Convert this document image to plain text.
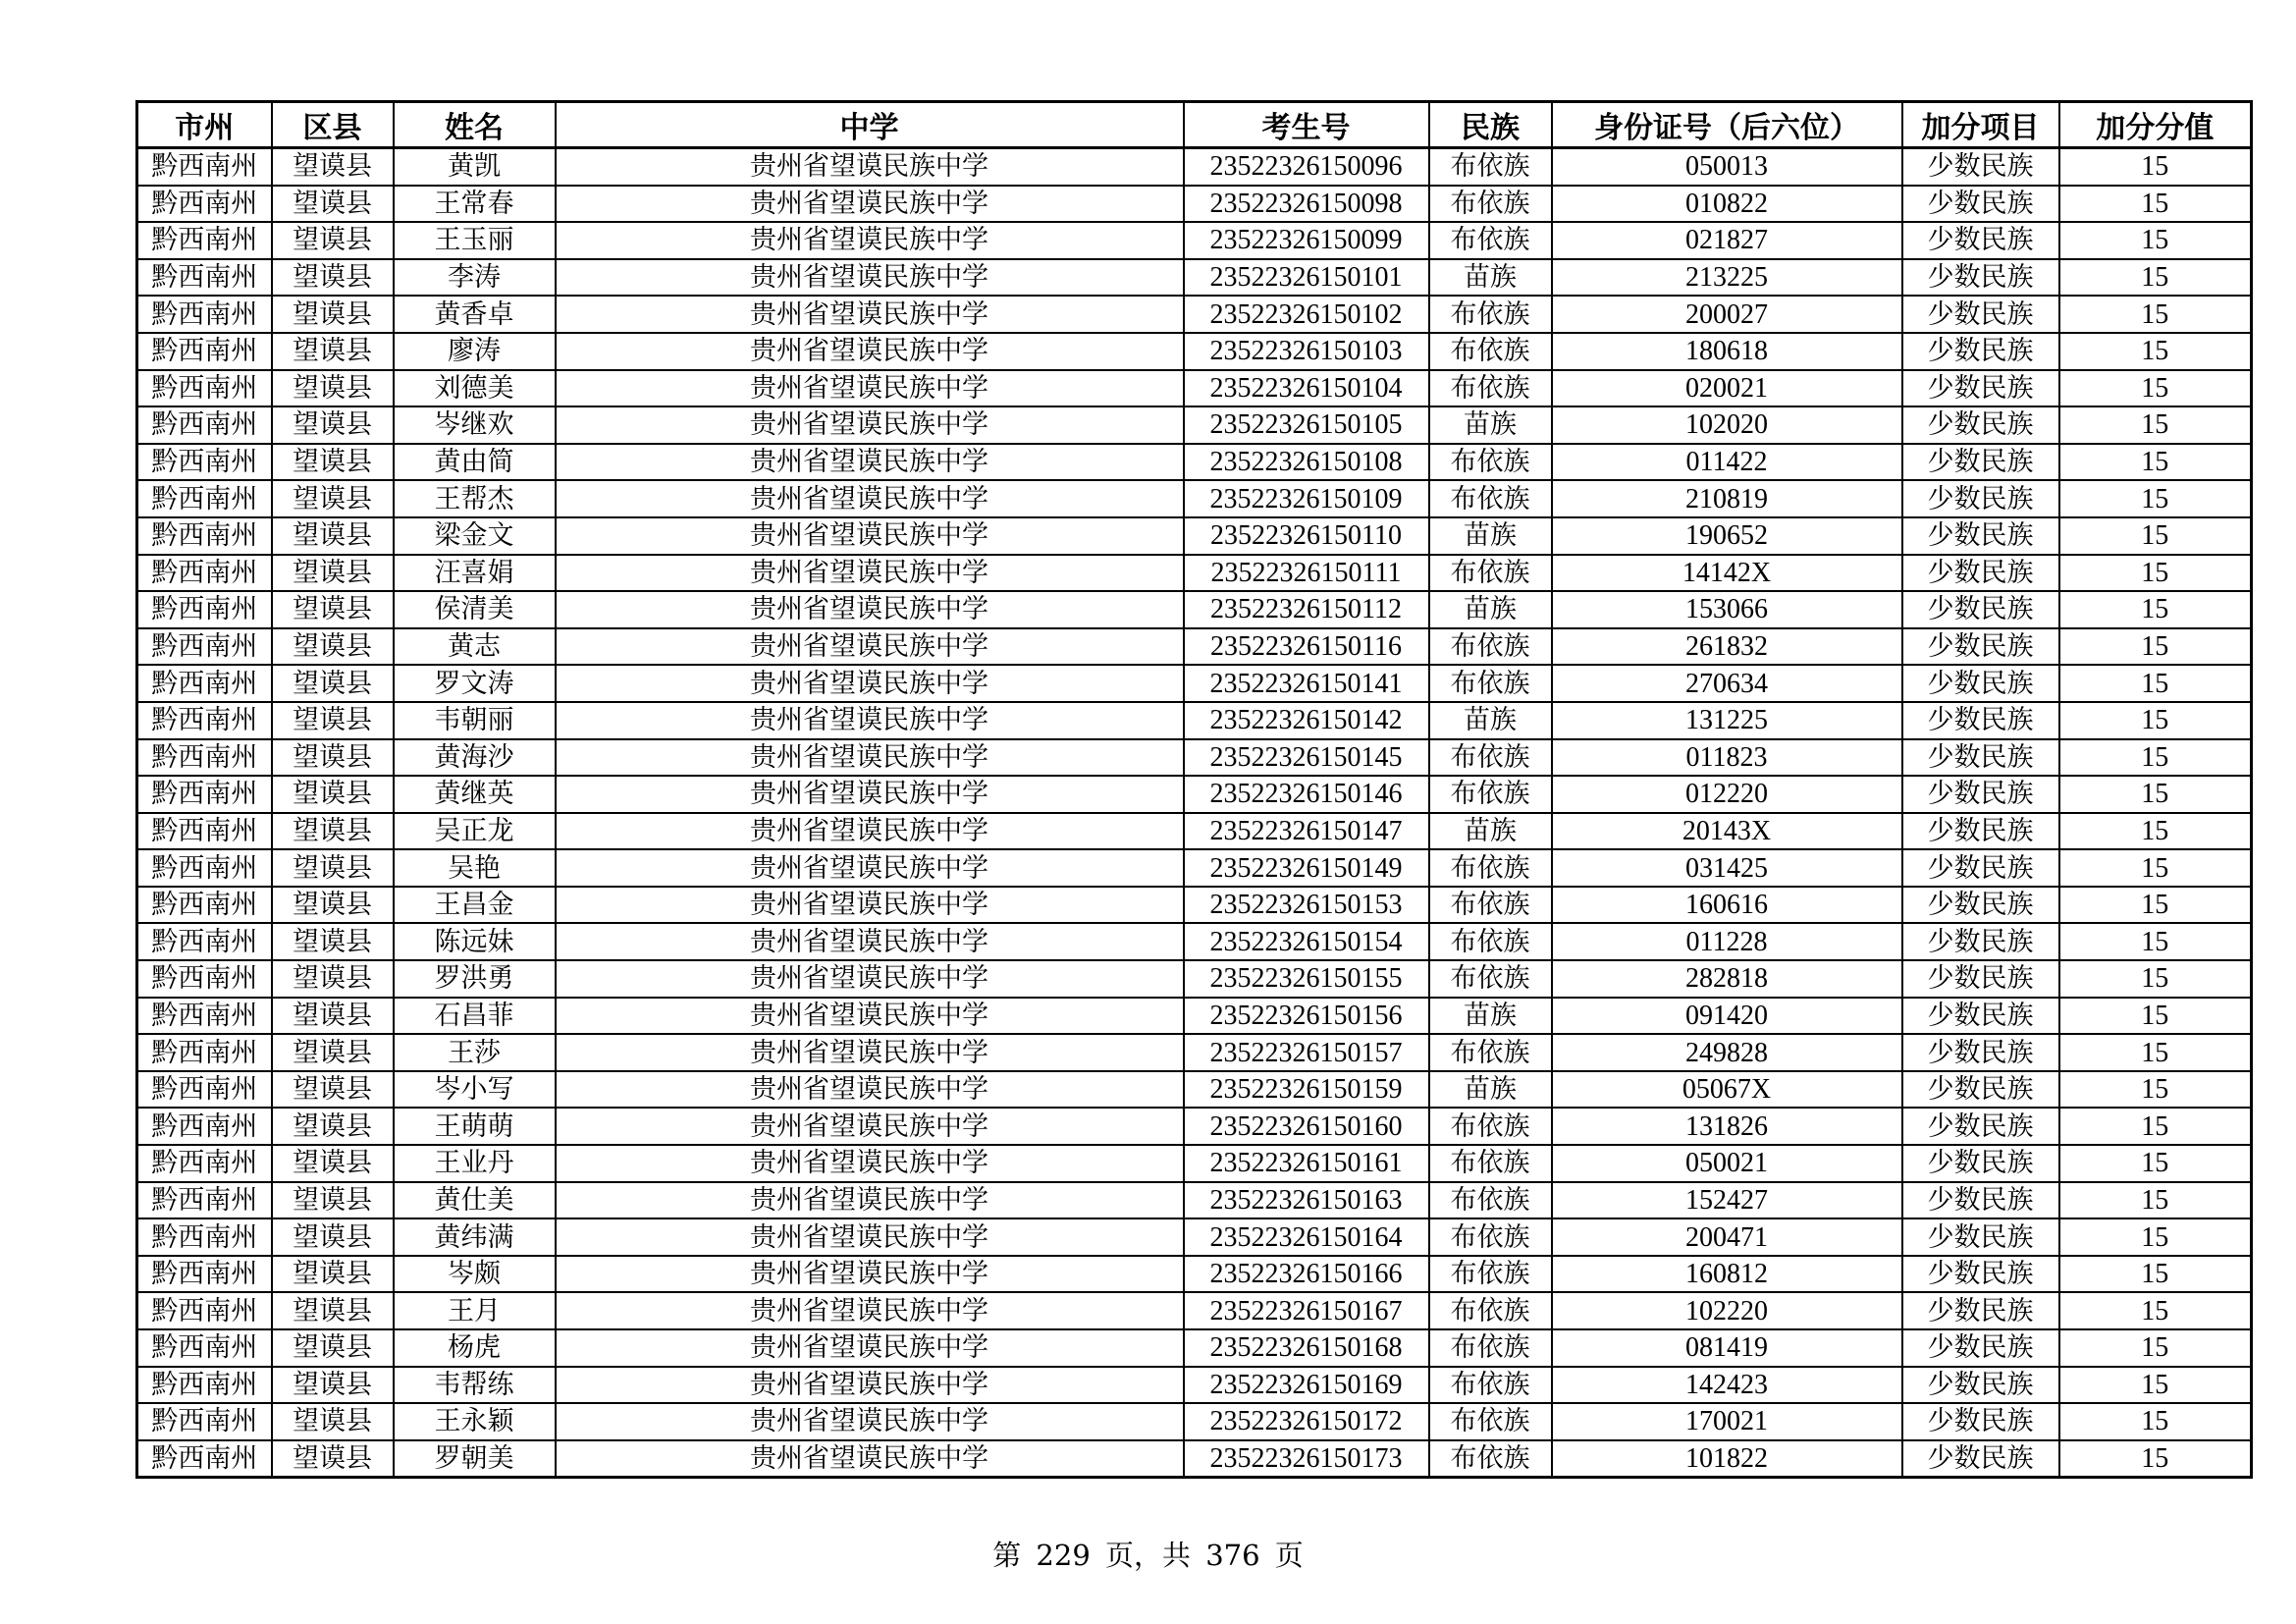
市州	区县	姓名	中学	考生号	民族	身份证号（后六位）	加分项目	加分分值
黔西南州	望谟县	黄凯	贵州省望谟民族中学	23522326150096	布依族	050013	少数民族	15
黔西南州	望谟县	王常春	贵州省望谟民族中学	23522326150098	布依族	010822	少数民族	15
黔西南州	望谟县	王玉丽	贵州省望谟民族中学	23522326150099	布依族	021827	少数民族	15
黔西南州	望谟县	李涛	贵州省望谟民族中学	23522326150101	苗族	213225	少数民族	15
黔西南州	望谟县	黄香卓	贵州省望谟民族中学	23522326150102	布依族	200027	少数民族	15
黔西南州	望谟县	廖涛	贵州省望谟民族中学	23522326150103	布依族	180618	少数民族	15
黔西南州	望谟县	刘德美	贵州省望谟民族中学	23522326150104	布依族	020021	少数民族	15
黔西南州	望谟县	岑继欢	贵州省望谟民族中学	23522326150105	苗族	102020	少数民族	15
黔西南州	望谟县	黄由简	贵州省望谟民族中学	23522326150108	布依族	011422	少数民族	15
黔西南州	望谟县	王帮杰	贵州省望谟民族中学	23522326150109	布依族	210819	少数民族	15
黔西南州	望谟县	梁金文	贵州省望谟民族中学	23522326150110	苗族	190652	少数民族	15
黔西南州	望谟县	汪喜娟	贵州省望谟民族中学	23522326150111	布依族	14142X	少数民族	15
黔西南州	望谟县	侯清美	贵州省望谟民族中学	23522326150112	苗族	153066	少数民族	15
黔西南州	望谟县	黄志	贵州省望谟民族中学	23522326150116	布依族	261832	少数民族	15
黔西南州	望谟县	罗文涛	贵州省望谟民族中学	23522326150141	布依族	270634	少数民族	15
黔西南州	望谟县	韦朝丽	贵州省望谟民族中学	23522326150142	苗族	131225	少数民族	15
黔西南州	望谟县	黄海沙	贵州省望谟民族中学	23522326150145	布依族	011823	少数民族	15
黔西南州	望谟县	黄继英	贵州省望谟民族中学	23522326150146	布依族	012220	少数民族	15
黔西南州	望谟县	吴正龙	贵州省望谟民族中学	23522326150147	苗族	20143X	少数民族	15
黔西南州	望谟县	吴艳	贵州省望谟民族中学	23522326150149	布依族	031425	少数民族	15
黔西南州	望谟县	王昌金	贵州省望谟民族中学	23522326150153	布依族	160616	少数民族	15
黔西南州	望谟县	陈远妹	贵州省望谟民族中学	23522326150154	布依族	011228	少数民族	15
黔西南州	望谟县	罗洪勇	贵州省望谟民族中学	23522326150155	布依族	282818	少数民族	15
黔西南州	望谟县	石昌菲	贵州省望谟民族中学	23522326150156	苗族	091420	少数民族	15
黔西南州	望谟县	王莎	贵州省望谟民族中学	23522326150157	布依族	249828	少数民族	15
黔西南州	望谟县	岑小写	贵州省望谟民族中学	23522326150159	苗族	05067X	少数民族	15
黔西南州	望谟县	王萌萌	贵州省望谟民族中学	23522326150160	布依族	131826	少数民族	15
黔西南州	望谟县	王业丹	贵州省望谟民族中学	23522326150161	布依族	050021	少数民族	15
黔西南州	望谟县	黄仕美	贵州省望谟民族中学	23522326150163	布依族	152427	少数民族	15
黔西南州	望谟县	黄纬满	贵州省望谟民族中学	23522326150164	布依族	200471	少数民族	15
黔西南州	望谟县	岑颇	贵州省望谟民族中学	23522326150166	布依族	160812	少数民族	15
黔西南州	望谟县	王月	贵州省望谟民族中学	23522326150167	布依族	102220	少数民族	15
黔西南州	望谟县	杨虎	贵州省望谟民族中学	23522326150168	布依族	081419	少数民族	15
黔西南州	望谟县	韦帮练	贵州省望谟民族中学	23522326150169	布依族	142423	少数民族	15
黔西南州	望谟县	王永颖	贵州省望谟民族中学	23522326150172	布依族	170021	少数民族	15
黔西南州	望谟县	罗朝美	贵州省望谟民族中学	23522326150173	布依族	101822	少数民族	15
第 229 页，共 376 页
